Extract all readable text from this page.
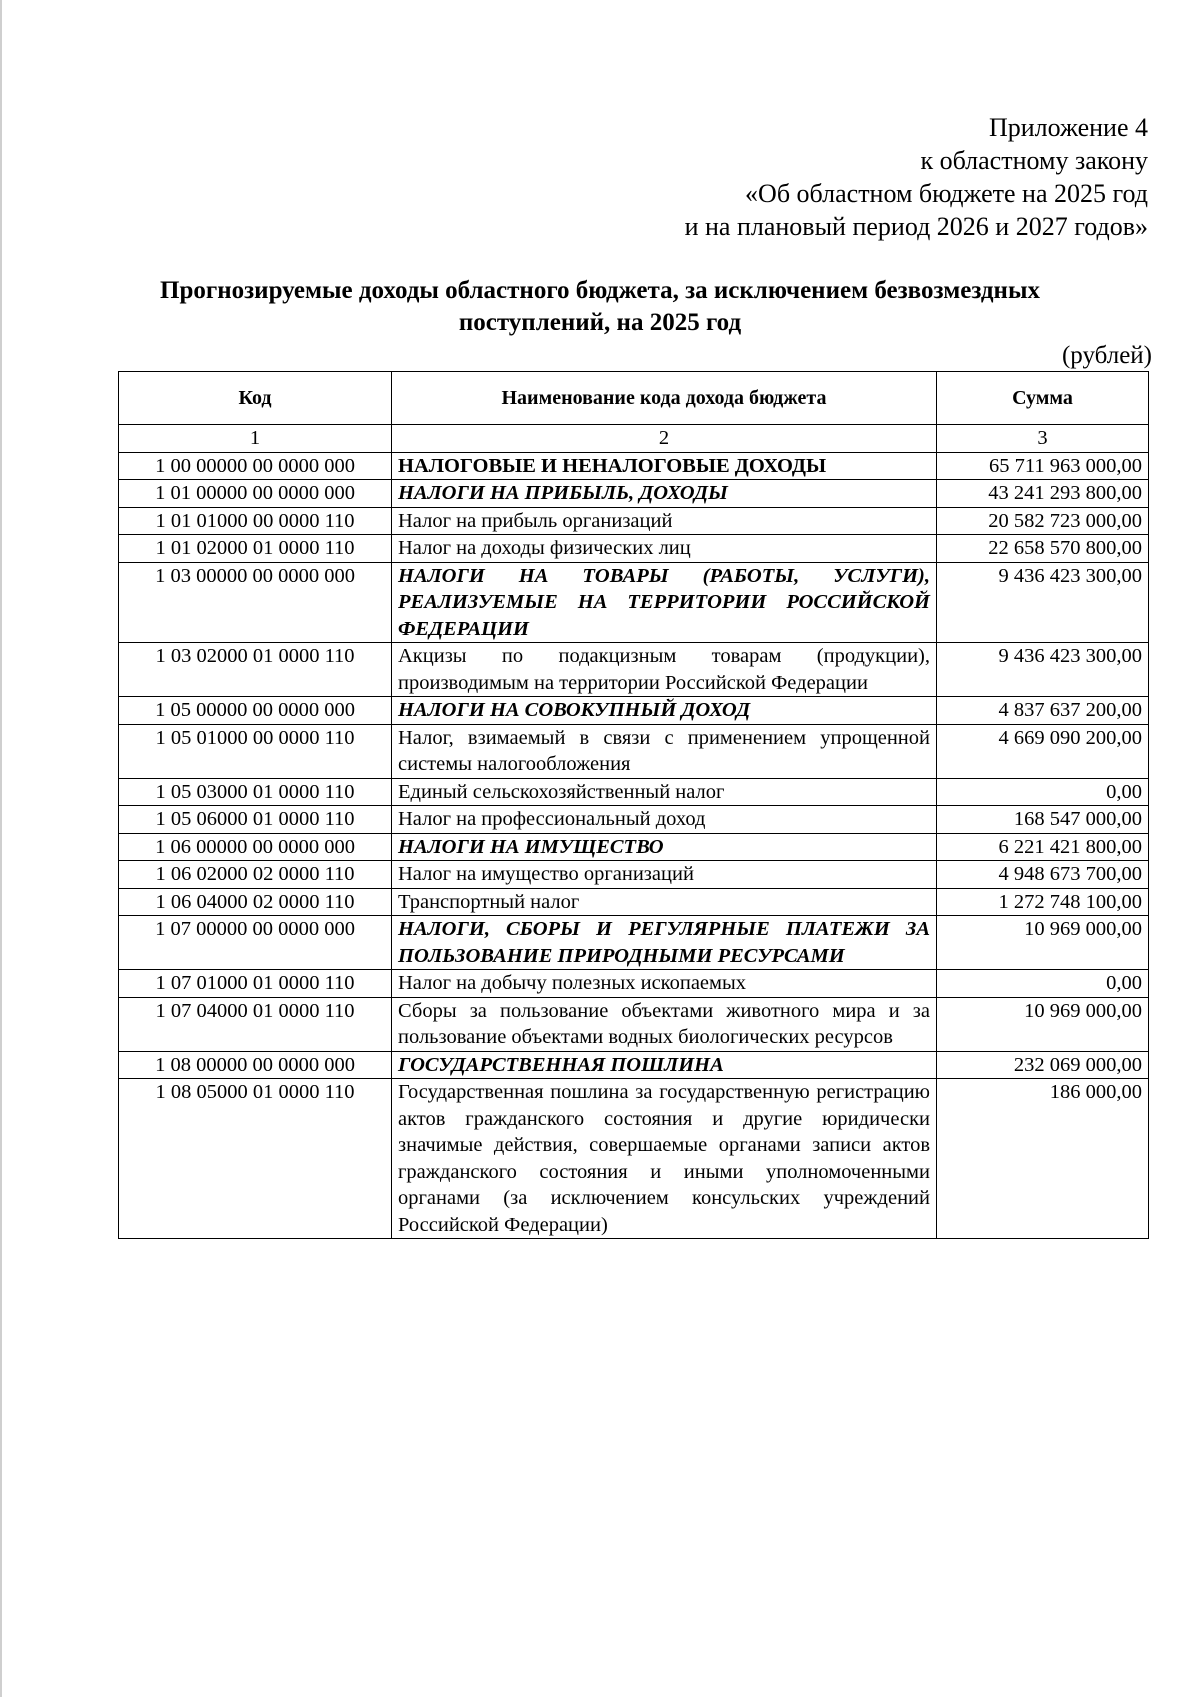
Приложение 4
к областному закону
«Об областном бюджете на 2025 год
и на плановый период 2026 и 2027 годов»
Прогнозируемые доходы областного бюджета, за исключением безвозмездных
поступлений, на 2025 год
(рублей)
Код	Наименование кода дохода бюджета	Сумма
1	2	3
1 00 00000 00 0000 000	НАЛОГОВЫЕ И НЕНАЛОГОВЫЕ ДОХОДЫ	65 711 963 000,00
1 01 00000 00 0000 000	НАЛОГИ НА ПРИБЫЛЬ, ДОХОДЫ	43 241 293 800,00
1 01 01000 00 0000 110	Налог на прибыль организаций	20 582 723 000,00
1 01 02000 01 0000 110	Налог на доходы физических лиц	22 658 570 800,00
1 03 00000 00 0000 000	НАЛОГИ НА ТОВАРЫ (РАБОТЫ, УСЛУГИ), РЕАЛИЗУЕМЫЕ НА ТЕРРИТОРИИ РОССИЙСКОЙ ФЕДЕРАЦИИ	9 436 423 300,00
1 03 02000 01 0000 110	Акцизы по подакцизным товарам (продукции), производимым на территории Российской Федерации	9 436 423 300,00
1 05 00000 00 0000 000	НАЛОГИ НА СОВОКУПНЫЙ ДОХОД	4 837 637 200,00
1 05 01000 00 0000 110	Налог, взимаемый в связи с применением упрощенной системы налогообложения	4 669 090 200,00
1 05 03000 01 0000 110	Единый сельскохозяйственный налог	0,00
1 05 06000 01 0000 110	Налог на профессиональный доход	168 547 000,00
1 06 00000 00 0000 000	НАЛОГИ НА ИМУЩЕСТВО	6 221 421 800,00
1 06 02000 02 0000 110	Налог на имущество организаций	4 948 673 700,00
1 06 04000 02 0000 110	Транспортный налог	1 272 748 100,00
1 07 00000 00 0000 000	НАЛОГИ, СБОРЫ И РЕГУЛЯРНЫЕ ПЛАТЕЖИ ЗА ПОЛЬЗОВАНИЕ ПРИРОДНЫМИ РЕСУРСАМИ	10 969 000,00
1 07 01000 01 0000 110	Налог на добычу полезных ископаемых	0,00
1 07 04000 01 0000 110	Сборы за пользование объектами животного мира и за пользование объектами водных биологических ресурсов	10 969 000,00
1 08 00000 00 0000 000	ГОСУДАРСТВЕННАЯ ПОШЛИНА	232 069 000,00
1 08 05000 01 0000 110	Государственная пошлина за государственную регистрацию актов гражданского состояния и другие юридически значимые действия, совершаемые органами записи актов гражданского состояния и иными уполномоченными органами (за исключением консульских учреждений Российской Федерации)	186 000,00
